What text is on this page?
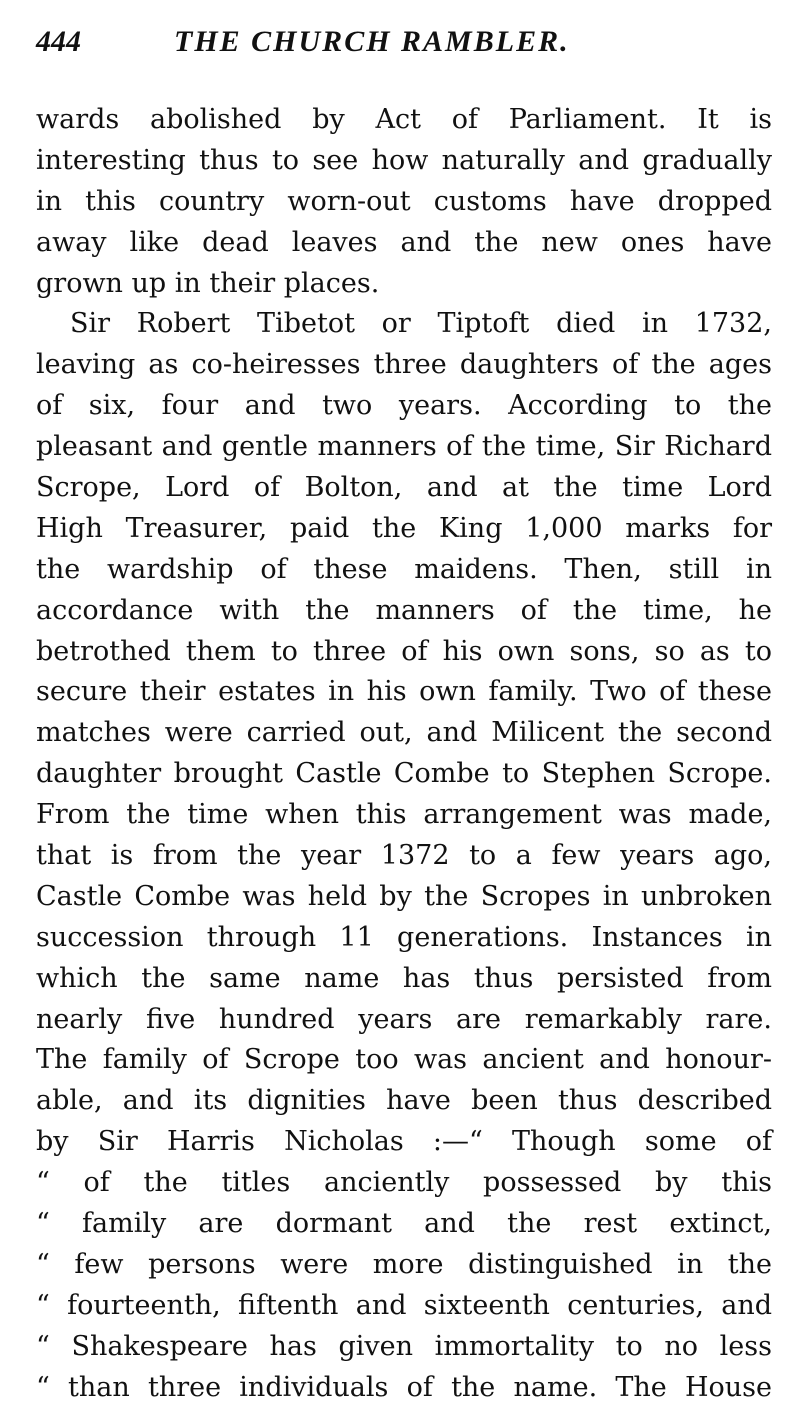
444	THE CHURCH RAMBLER.
wards abolished by Act of Parliament. It is
interesting thus to see how naturally and gradually
in this country worn-out customs have dropped
away like dead leaves and the new ones have
grown up in their places.
Sir Robert Tibetot or Tiptoft died in 1732,
leaving as co-heiresses three daughters of the ages
of six, four and two years. According to the
pleasant and gentle manners of the time, Sir Richard
Scrope, Lord of Bolton, and at the time Lord
High Treasurer, paid the King 1,000 marks for
the wardship of these maidens. Then, still in
accordance with the manners of the time, he
betrothed them to three of his own sons, so as to
secure their estates in his own family. Two of these
matches were carried out, and Milicent the second
daughter brought Castle Combe to Stephen Scrope.
From the time when this arrangement was made,
that is from the year 1372 to a few years ago,
Castle Combe was held by the Scropes in unbroken
succession through 11 generations. Instances in
which the same name has thus persisted from
nearly five hundred years are remarkably rare.
The family of Scrope too was ancient and honour-
able, and its dignities have been thus described
by Sir Harris Nicholas :—“ Though some of
“ of the titles anciently possessed by this
“ family are dormant and the rest extinct,
“ few persons were more distinguished in the
“ fourteenth, fiftenth and sixteenth centuries, and
“ Shakespeare has given immortality to no less
“ than three individuals of the name. The House
